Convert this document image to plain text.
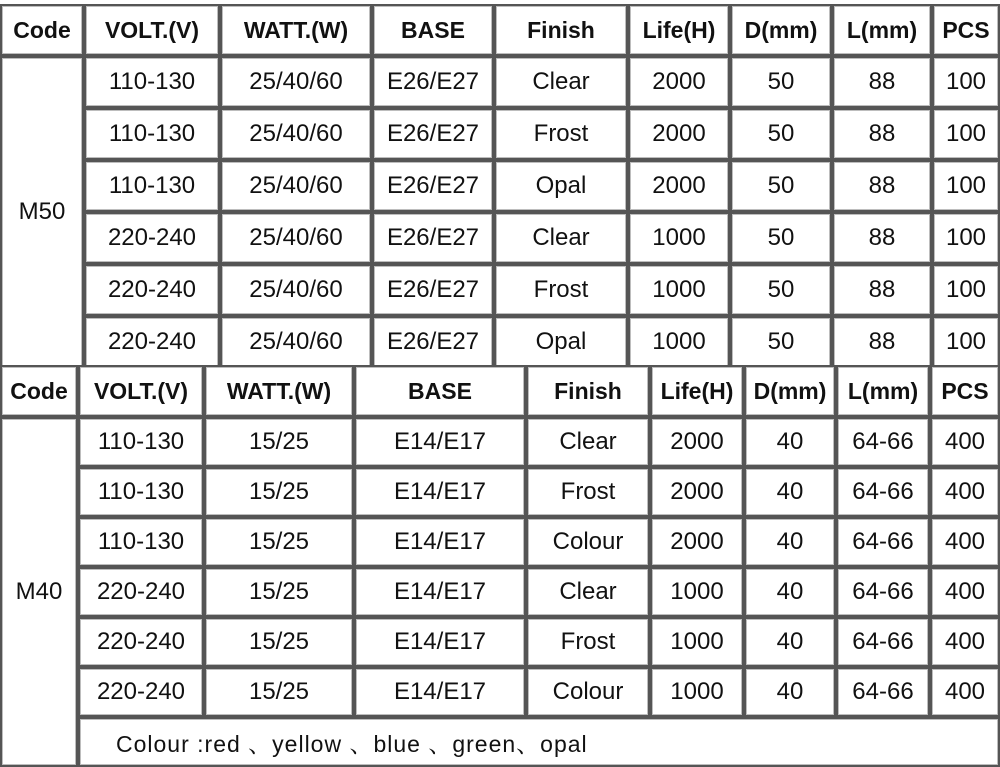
Code	VOLT.(V)	WATT.(W)	BASE	Finish	Life(H)	D(mm)	L(mm)	PCS
M50	110-130	25/40/60	E26/E27	Clear	2000	50	88	100
	110-130	25/40/60	E26/E27	Frost	2000	50	88	100
	110-130	25/40/60	E26/E27	Opal	2000	50	88	100
	220-240	25/40/60	E26/E27	Clear	1000	50	88	100
	220-240	25/40/60	E26/E27	Frost	1000	50	88	100
	220-240	25/40/60	E26/E27	Opal	1000	50	88	100
Code	VOLT.(V)	WATT.(W)	BASE	Finish	Life(H)	D(mm)	L(mm)	PCS
M40	110-130	15/25	E14/E17	Clear	2000	40	64-66	400
	110-130	15/25	E14/E17	Frost	2000	40	64-66	400
	110-130	15/25	E14/E17	Colour	2000	40	64-66	400
	220-240	15/25	E14/E17	Clear	1000	40	64-66	400
	220-240	15/25	E14/E17	Frost	1000	40	64-66	400
	220-240	15/25	E14/E17	Colour	1000	40	64-66	400
	Colour :red 、yellow 、blue 、green、opal							
